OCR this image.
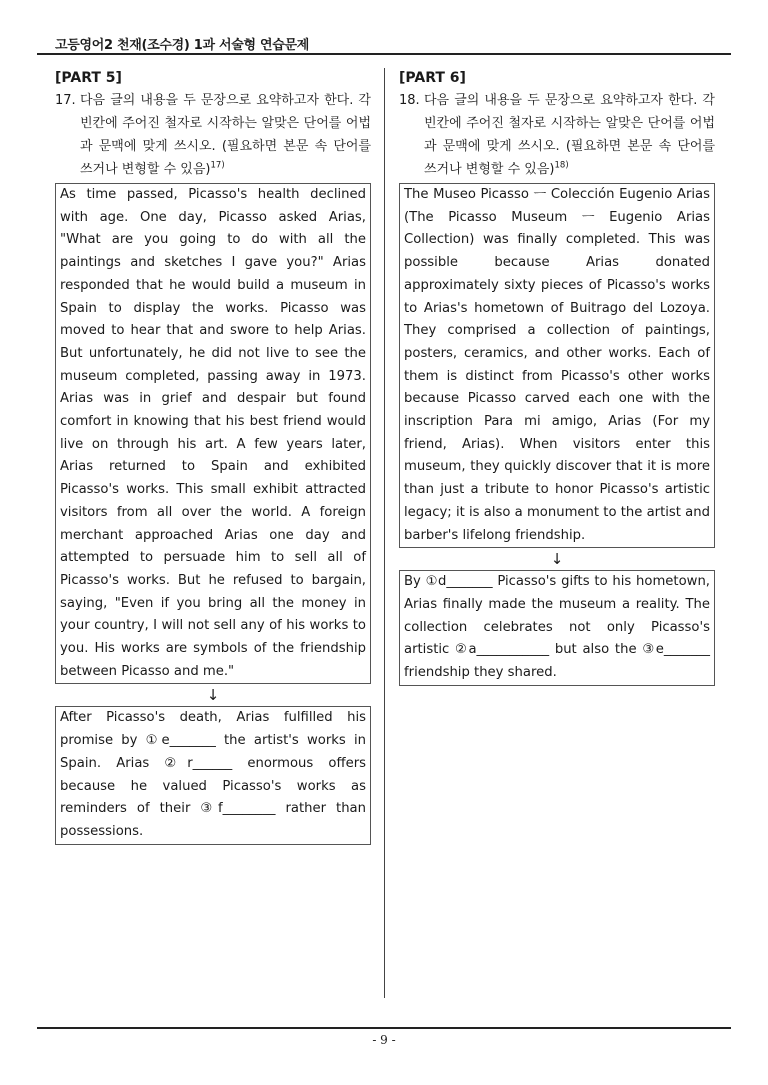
고등영어2 천재(조수경) 1과 서술형 연습문제
[PART 5]
17. 다음 글의 내용을 두 문장으로 요약하고자 한다. 각 빈칸에 주어진 철자로 시작하는 알맞은 단어를 어법과 문맥에 맞게 쓰시오. (필요하면 본문 속 단어를 쓰거나 변형할 수 있음)$^{17)}$
As time passed, Picasso's health declined with age. One day, Picasso asked Arias, "What are you going to do with all the paintings and sketches I gave you?" Arias responded that he would build a museum in Spain to display the works. Picasso was moved to hear that and swore to help Arias. But unfortunately, he did not live to see the museum completed, passing away in 1973. Arias was in grief and despair but found comfort in knowing that his best friend would live on through his art. A few years later, Arias returned to Spain and exhibited Picasso's works. This small exhibit attracted visitors from all over the world. A foreign merchant approached Arias one day and attempted to persuade him to sell all of Picasso's works. But he refused to bargain, saying, "Even if you bring all the money in your country, I will not sell any of his works to you. His works are symbols of the friendship between Picasso and me."
↓
After Picasso's death, Arias fulfilled his promise by ①e_______ the artist's works in Spain. Arias ②r______ enormous offers because he valued Picasso's works as reminders of their ③f________ rather than possessions.
[PART 6]
18. 다음 글의 내용을 두 문장으로 요약하고자 한다. 각 빈칸에 주어진 철자로 시작하는 알맞은 단어를 어법과 문맥에 맞게 쓰시오. (필요하면 본문 속 단어를 쓰거나 변형할 수 있음)$^{18)}$
The Museo Picasso ㅡ Colección Eugenio Arias (The Picasso Museum ㅡ Eugenio Arias Collection) was finally completed. This was possible because Arias donated approximately sixty pieces of Picasso's works to Arias's hometown of Buitrago del Lozoya. They comprised a collection of paintings, posters, ceramics, and other works. Each of them is distinct from Picasso's other works because Picasso carved each one with the inscription Para mi amigo, Arias (For my friend, Arias). When visitors enter this museum, they quickly discover that it is more than just a tribute to honor Picasso's artistic legacy; it is also a monument to the artist and barber's lifelong friendship.
↓
By ①d_______ Picasso's gifts to his hometown, Arias finally made the museum a reality. The collection celebrates not only Picasso's artistic ②a___________ but also the ③e_______ friendship they shared.
- 9 -
